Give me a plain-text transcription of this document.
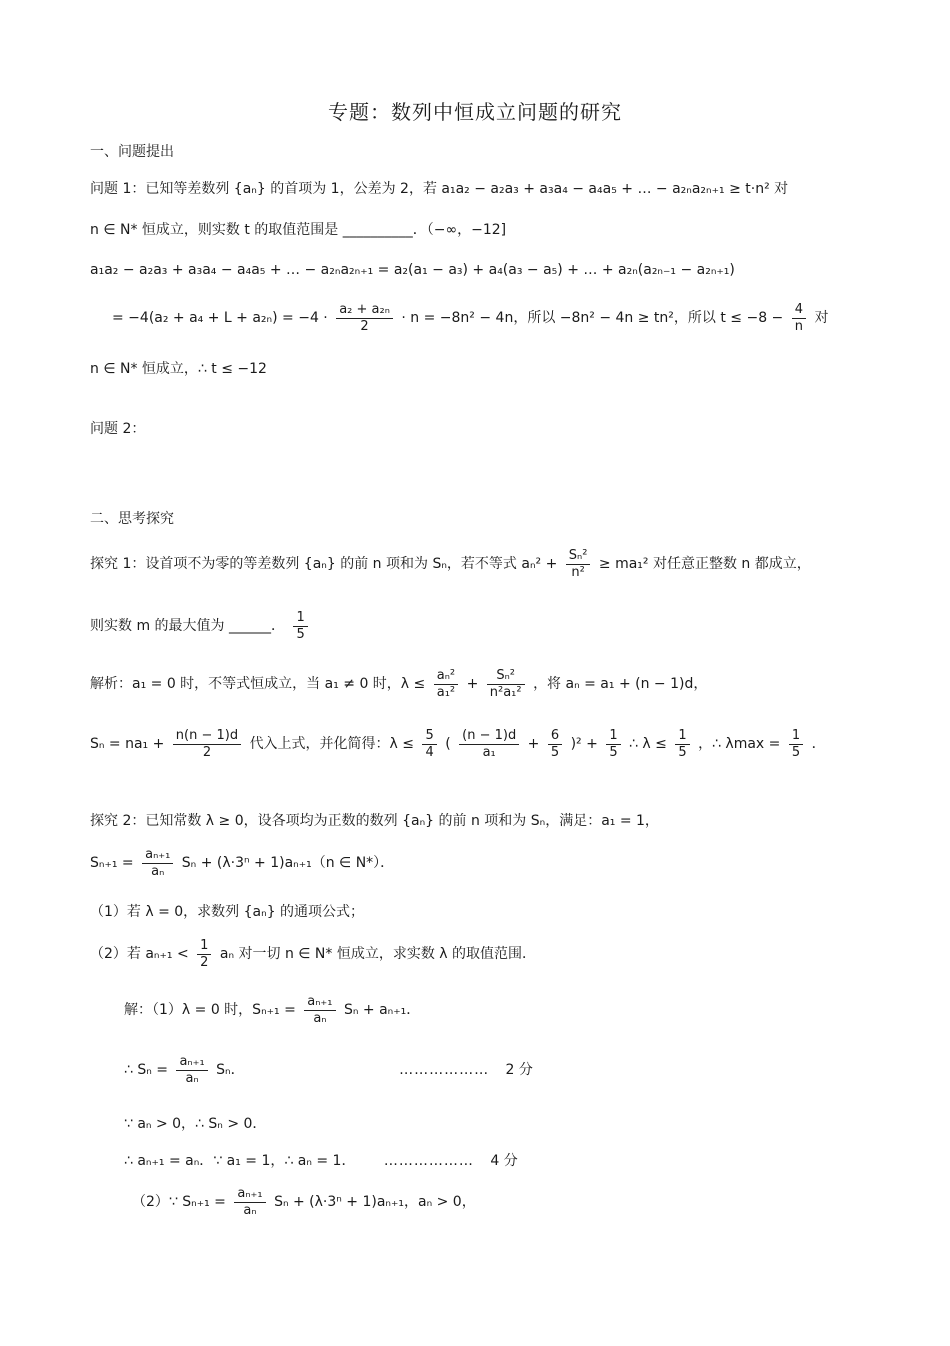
专题：数列中恒成立问题的研究
一、问题提出
问题 1：已知等差数列 {aₙ} 的首项为 1，公差为 2，若 a₁a₂ − a₂a₃ + a₃a₄ − a₄a₅ + … − a₂ₙa₂ₙ₊₁ ≥ t·n² 对
n ∈ N* 恒成立，则实数 t 的取值范围是 __________．（−∞，−12]
a₁a₂ − a₂a₃ + a₃a₄ − a₄a₅ + … − a₂ₙa₂ₙ₊₁ = a₂(a₁ − a₃) + a₄(a₃ − a₅) + … + a₂ₙ(a₂ₙ₋₁ − a₂ₙ₊₁)
= $-4(a_2 + a_4 + L + a_{2n}) = -4 \cdot \frac{\text{a₂ + a₂ₙ}}{2} \cdot n = -8n^2 - 4n$，所以 −8n² − 4n ≥ tn²，所以 $t \le -8 - \frac{4}{n}$ 对
n ∈ N* 恒成立，∴ t ≤ −12
问题 2：
二、思考探究
探究 1：设首项不为零的等差数列 {aₙ} 的前 n 项和为 Sₙ，若不等式 $a_n^2 + \frac{\text{Sₙ²}}{\text{n²}} \ge ma_1^2$ 对任意正整数 n 都成立，
则实数 m 的最大值为 ______． $\frac{1}{5}$
解析：a₁ = 0 时，不等式恒成立，当 a₁ ≠ 0 时，$\lambda \le \frac{\text{aₙ²}}{\text{a₁²}} + \frac{\text{Sₙ²}}{\text{n²a₁²}}$ ，将 aₙ = a₁ + (n − 1)d，
$S_n = na_1 + \frac{n(n - 1)d}{2}$ 代入上式，并化简得：$\lambda \le \frac{5}{4}$ ( $\frac{(n - 1)d}{\text{a₁}} + \frac{6}{5} )^2 + \frac{1}{5}$ ∴ $\lambda \le \frac{1}{5}$ ，∴ $\lambda\max = \frac{1}{5}$ ．
探究 2：已知常数 λ ≥ 0，设各项均为正数的数列 {aₙ} 的前 n 项和为 Sₙ，满足：a₁ = 1，
$S_{n+1} = \frac{\text{aₙ₊₁}}{\text{aₙ}}$ Sₙ + (λ·3ⁿ + 1)aₙ₊₁（n ∈ N*）．
（1）若 λ = 0，求数列 {aₙ} 的通项公式；
（2）若 $a_{n+1} < \frac{1}{2}$ aₙ 对一切 n ∈ N* 恒成立，求实数 λ 的取值范围．
解：（1）λ = 0 时，$S_{n+1} = \frac{\text{aₙ₊₁}}{\text{aₙ}}$ Sₙ + aₙ₊₁．
∴ $S_n = \frac{\text{aₙ₊₁}}{\text{aₙ}}$ Sₙ．	……………… 2 分
∵ aₙ > 0，∴ Sₙ > 0．
∴ aₙ₊₁ = aₙ．∵ a₁ = 1，∴ aₙ = 1． ……………… 4 分
（2）∵ $S_{n+1} = \frac{\text{aₙ₊₁}}{\text{aₙ}}$ Sₙ + (λ·3ⁿ + 1)aₙ₊₁，aₙ > 0，
